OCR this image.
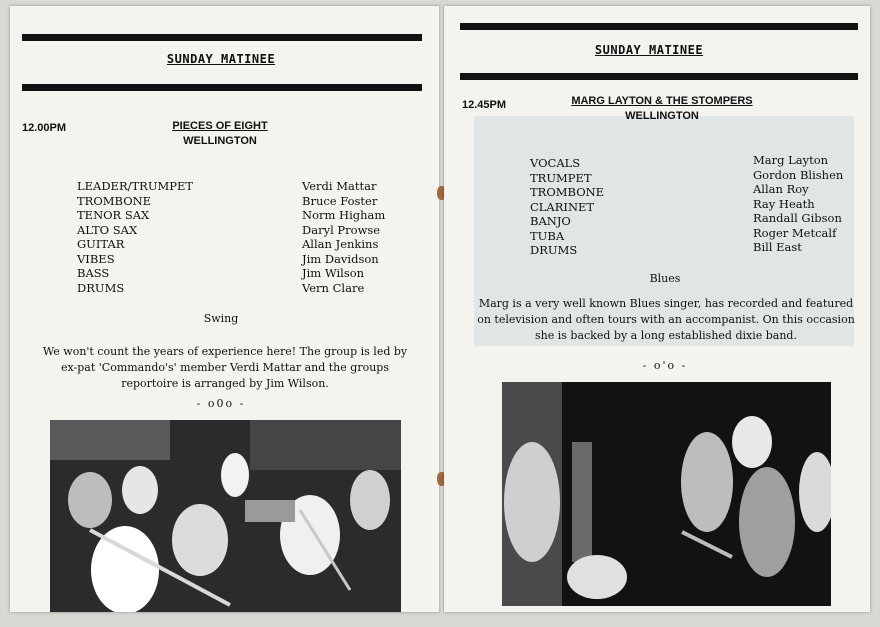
SUNDAY MATINEE
12.00PM	PIECES OF EIGHT
WELLINGTON
LEADER/TRUMPET
TROMBONE
TENOR SAX
ALTO SAX
GUITAR
VIBES
BASS
DRUMS
Verdi Mattar
Bruce Foster
Norm Higham
Daryl Prowse
Allan Jenkins
Jim Davidson
Jim Wilson
Vern Clare
Swing
We won't count the years of experience here! The group is led by ex-pat 'Commando's' member Verdi Mattar and the groups reportoire is arranged by Jim Wilson.
- o0o -
SUNDAY MATINEE
12.45PM	MARG LAYTON & THE STOMPERS
WELLINGTON
VOCALS
TRUMPET
TROMBONE
CLARINET
BANJO
TUBA
DRUMS
Marg Layton
Gordon Blishen
Allan Roy
Ray Heath
Randall Gibson
Roger Metcalf
Bill East
Blues
Marg is a very well known Blues singer, has recorded and featured on television and often tours with an accompanist. On this occasion she is backed by a long established dixie band.
- o'o -
